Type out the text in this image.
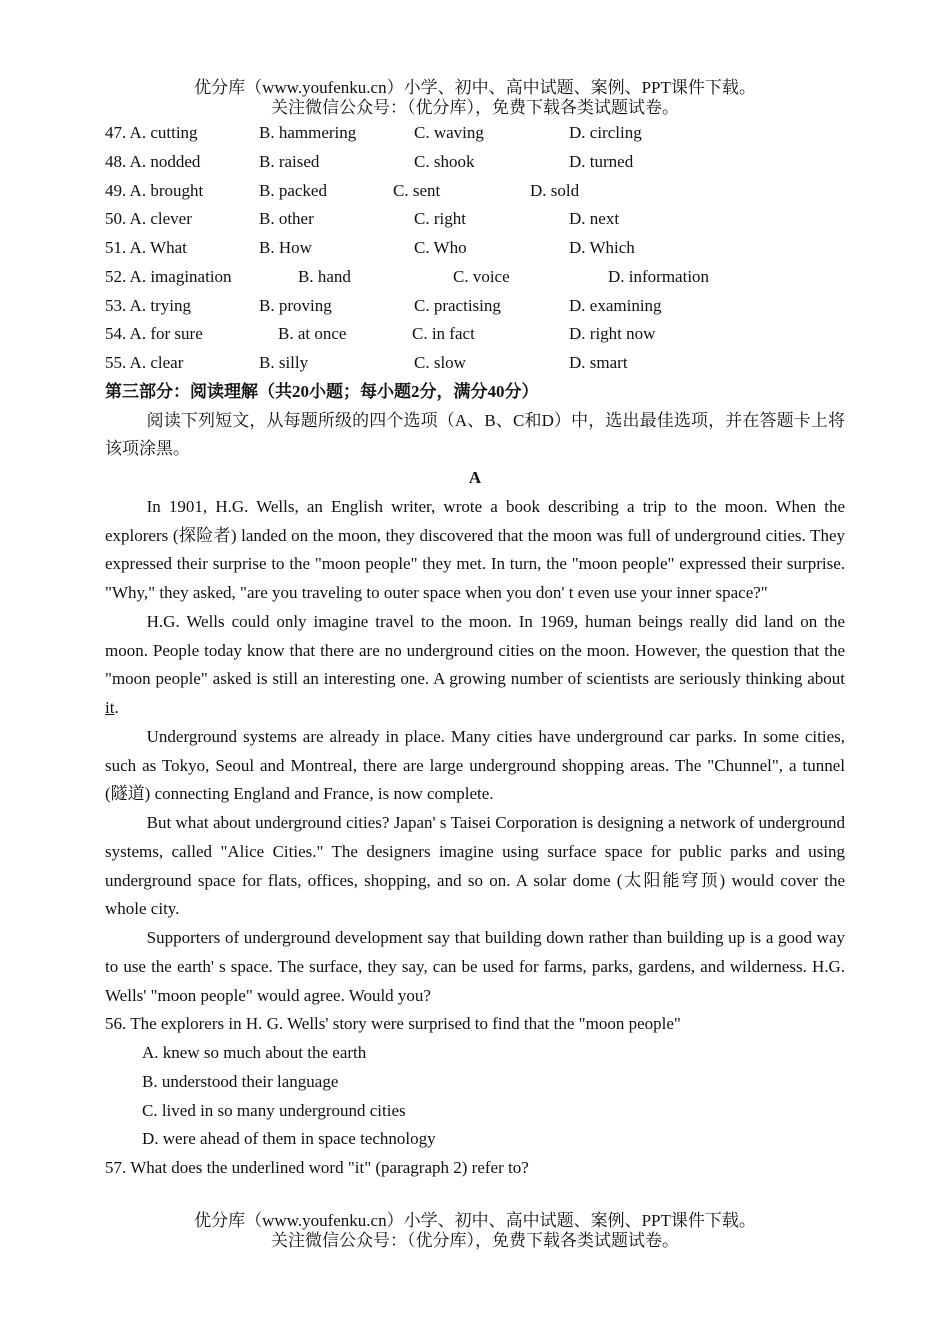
优分库（www.youfenku.cn）小学、初中、高中试题、案例、PPT课件下载。
关注微信公众号：（优分库），免费下载各类试题试卷。
47. A. cutting	B. hammering	C. waving	D. circling
48. A. nodded	B. raised	C. shook	D. turned
49. A. brought	B. packed	C. sent	D. sold
50. A. clever	B. other	C. right	D. next
51. A. What	B. How	C. Who	D. Which
52. A. imagination	B. hand	C. voice	D. information
53. A. trying	B. proving	C. practising	D. examining
54. A. for sure	B. at once	C. in fact	D. right now
55. A. clear	B. silly	C. slow	D. smart
第三部分：阅读理解（共20小题；每小题2分，满分40分）

阅读下列短文，从每题所级的四个选项（A、B、C和D）中，选出最佳选项，并在答题卡上将该项涂黑。

A

In 1901, H.G. Wells, an English writer, wrote a book describing a trip to the moon. When the explorers (探险者) landed on the moon, they discovered that the moon was full of underground cities. They expressed their surprise to the "moon people" they met. In turn, the "moon people" expressed their surprise. "Why," they asked, "are you traveling to outer space when you don' t even use your inner space?"

H.G. Wells could only imagine travel to the moon. In 1969, human beings really did land on the moon. People today know that there are no underground cities on the moon. However, the question that the "moon people" asked is still an interesting one. A growing number of scientists are seriously thinking about it.

Underground systems are already in place. Many cities have underground car parks. In some cities, such as Tokyo, Seoul and Montreal, there are large underground shopping areas. The "Chunnel", a tunnel (隧道) connecting England and France, is now complete.

But what about underground cities? Japan' s Taisei Corporation is designing a network of underground systems, called "Alice Cities." The designers imagine using surface space for public parks and using underground space for flats, offices, shopping, and so on. A solar dome (太阳能穹顶) would cover the whole city.

Supporters of underground development say that building down rather than building up is a good way to use the earth' s space. The surface, they say, can be used for farms, parks, gardens, and wilderness. H.G. Wells' "moon people" would agree. Would you?

56. The explorers in H. G. Wells' story were surprised to find that the "moon people"

A. knew so much about the earth

B. understood their language

C. lived in so many underground cities

D. were ahead of them in space technology

57. What does the underlined word "it" (paragraph 2) refer to?

优分库（www.youfenku.cn）小学、初中、高中试题、案例、PPT课件下载。
关注微信公众号：（优分库），免费下载各类试题试卷。
